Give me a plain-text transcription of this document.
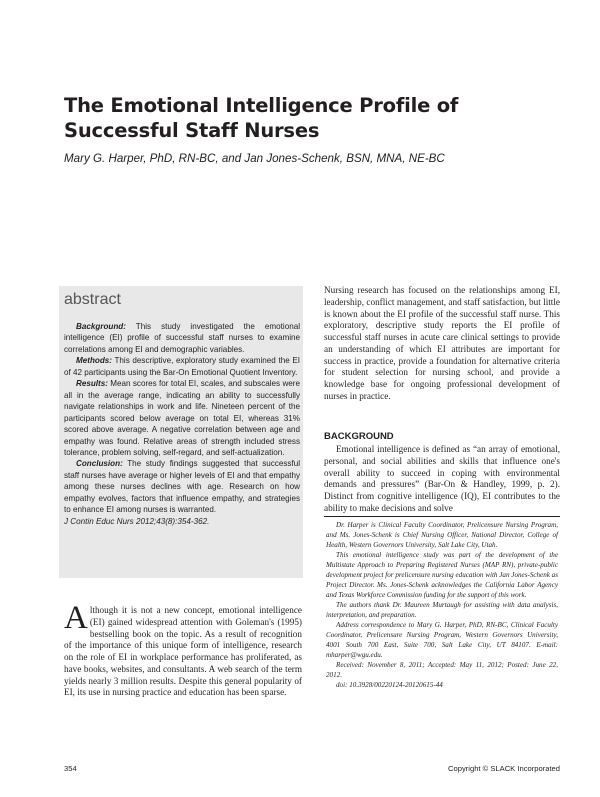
The Emotional Intelligence Profile of Successful Staff Nurses

Mary G. Harper, PhD, RN-BC, and Jan Jones-Schenk, BSN, MNA, NE-BC

abstract

Background: This study investigated the emotional intelligence (EI) profile of successful staff nurses to examine correlations among EI and demographic variables.

Methods: This descriptive, exploratory study examined the EI of 42 participants using the Bar-On Emotional Quotient Inventory.

Results: Mean scores for total EI, scales, and subscales were all in the average range, indicating an ability to successfully navigate relationships in work and life. Nineteen percent of the participants scored below average on total EI, whereas 31% scored above average. A negative correlation between age and empathy was found. Relative areas of strength included stress tolerance, problem solving, self-regard, and self-actualization.

Conclusion: The study findings suggested that successful staff nurses have average or higher levels of EI and that empathy among these nurses declines with age. Research on how empathy evolves, factors that influence empathy, and strategies to enhance EI among nurses is warranted.

J Contin Educ Nurs 2012;43(8):354-362.

Although it is not a new concept, emotional intelligence (EI) gained widespread attention with Goleman's (1995) bestselling book on the topic. As a result of recognition of the importance of this unique form of intelligence, research on the role of EI in workplace performance has proliferated, as have books, websites, and consultants. A web search of the term yields nearly 3 million results. Despite this general popularity of EI, its use in nursing practice and education has been sparse.

Nursing research has focused on the relationships among EI, leadership, conflict management, and staff satisfaction, but little is known about the EI profile of the successful staff nurse. This exploratory, descriptive study reports the EI profile of successful staff nurses in acute care clinical settings to provide an understanding of which EI attributes are important for success in practice, provide a foundation for alternative criteria for student selection for nursing school, and provide a knowledge base for ongoing professional development of nurses in practice.

BACKGROUND

Emotional intelligence is defined as “an array of emotional, personal, and social abilities and skills that influence one's overall ability to succeed in coping with environmental demands and pressures” (Bar-On & Handley, 1999, p. 2). Distinct from cognitive intelligence (IQ), EI contributes to the ability to make decisions and solve

Dr. Harper is Clinical Faculty Coordinator, Prelicensure Nursing Program, and Ms. Jones-Schenk is Chief Nursing Officer, National Director, College of Health, Western Governors University, Salt Lake City, Utah.

This emotional intelligence study was part of the development of the Multistate Approach to Preparing Registered Nurses (MAP RN), private-public development project for prelicensure nursing education with Jan Jones-Schenk as Project Director. Ms. Jones-Schenk acknowledges the California Labor Agency and Texas Workforce Commission funding for the support of this work.

The authors thank Dr. Maureen Murtaugh for assisting with data analysis, interpretation, and preparation.

Address correspondence to Mary G. Harper, PhD, RN-BC, Clinical Faculty Coordinator, Prelicensure Nursing Program, Western Governors University, 4001 South 700 East, Suite 700, Salt Lake City, UT 84107. E-mail: mharper@wgu.edu.

Received: November 8, 2011; Accepted: May 11, 2012; Posted: June 22, 2012.

doi: 10.3928/00220124-20120615-44

354	Copyright © SLACK Incorporated
